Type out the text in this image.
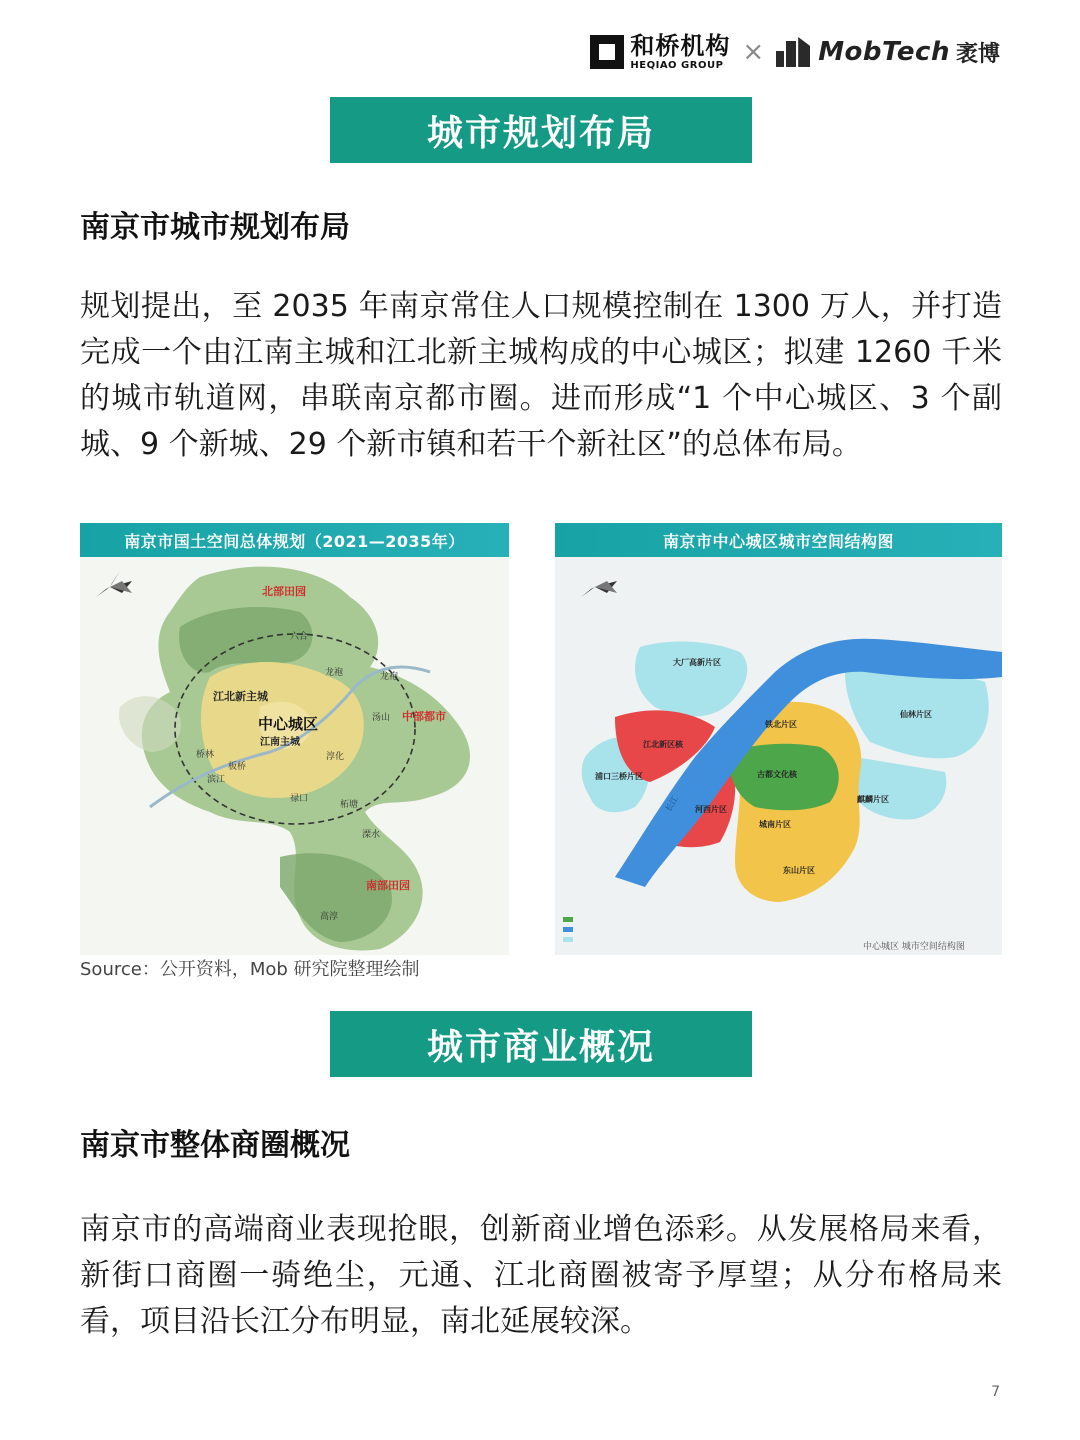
和桥机构
HEQIAO GROUP × MobTech 袤博
城市规划布局
南京市城市规划布局
规划提出，至 2035 年南京常住人口规模控制在 1300 万人，并打造完成一个由江南主城和江北新主城构成的中心城区；拟建 1260 千米的城市轨道网，串联南京都市圈。进而形成“1 个中心城区、3 个副城、9 个新城、29 个新市镇和若干个新社区”的总体布局。
南京市国土空间总体规划（2021—2035年）
北部田园
六合
龙袍	龙袍
江北新主城
中心城区
江南主城
汤山 中部都市
桥林
板桥
淳化
滨江
禄口
柘塘
溧水
南部田园
高淳
南京市中心城区城市空间结构图
大厂高新片区
江北新区核
浦口三桥片区
铁北片区
仙林片区
古都文化核
河西片区
麒麟片区
城南片区
东山片区
长江
中心城区 城市空间结构图
Source：公开资料，Mob 研究院整理绘制
城市商业概况
南京市整体商圈概况
南京市的高端商业表现抢眼，创新商业增色添彩。从发展格局来看，新街口商圈一骑绝尘，元通、江北商圈被寄予厚望；从分布格局来看，项目沿长江分布明显，南北延展较深。
7
